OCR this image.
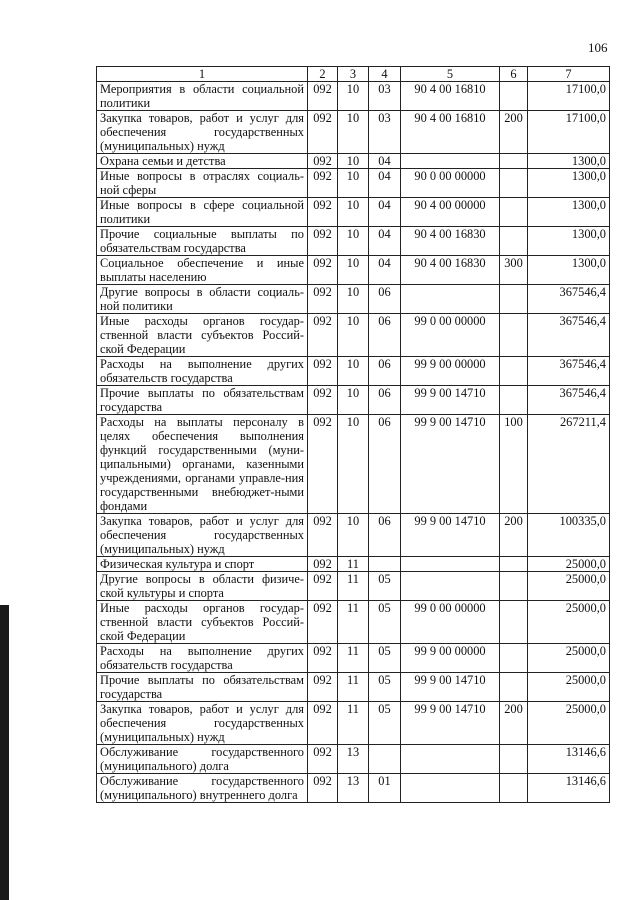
106
1	2	3	4	5	6	7
Мероприятия в области социальной политики	092	10	03	90 4 00 16810		17100,0
Закупка товаров, работ и услуг для обеспечения государственных (муниципальных) нужд	092	10	03	90 4 00 16810	200	17100,0
Охрана семьи и детства	092	10	04			1300,0
Иные вопросы в отраслях социаль-ной сферы	092	10	04	90 0 00 00000		1300,0
Иные вопросы в сфере социальной политики	092	10	04	90 4 00 00000		1300,0
Прочие социальные выплаты по обязательствам государства	092	10	04	90 4 00 16830		1300,0
Социальное обеспечение и иные выплаты населению	092	10	04	90 4 00 16830	300	1300,0
Другие вопросы в области социаль-ной политики	092	10	06			367546,4
Иные расходы органов государ-ственной власти субъектов Россий-ской Федерации	092	10	06	99 0 00 00000		367546,4
Расходы на выполнение других обязательств государства	092	10	06	99 9 00 00000		367546,4
Прочие выплаты по обязательствам государства	092	10	06	99 9 00 14710		367546,4
Расходы на выплаты персоналу в целях обеспечения выполнения функций государственными (муни-ципальными) органами, казенными учреждениями, органами управле-ния государственными внебюджет-ными фондами	092	10	06	99 9 00 14710	100	267211,4
Закупка товаров, работ и услуг для обеспечения государственных (муниципальных) нужд	092	10	06	99 9 00 14710	200	100335,0
Физическая культура и спорт	092	11				25000,0
Другие вопросы в области физиче-ской культуры и спорта	092	11	05			25000,0
Иные расходы органов государ-ственной власти субъектов Россий-ской Федерации	092	11	05	99 0 00 00000		25000,0
Расходы на выполнение других обязательств государства	092	11	05	99 9 00 00000		25000,0
Прочие выплаты по обязательствам государства	092	11	05	99 9 00 14710		25000,0
Закупка товаров, работ и услуг для обеспечения государственных (муниципальных) нужд	092	11	05	99 9 00 14710	200	25000,0
Обслуживание государственного (муниципального) долга	092	13				13146,6
Обслуживание государственного (муниципального) внутреннего долга	092	13	01			13146,6
